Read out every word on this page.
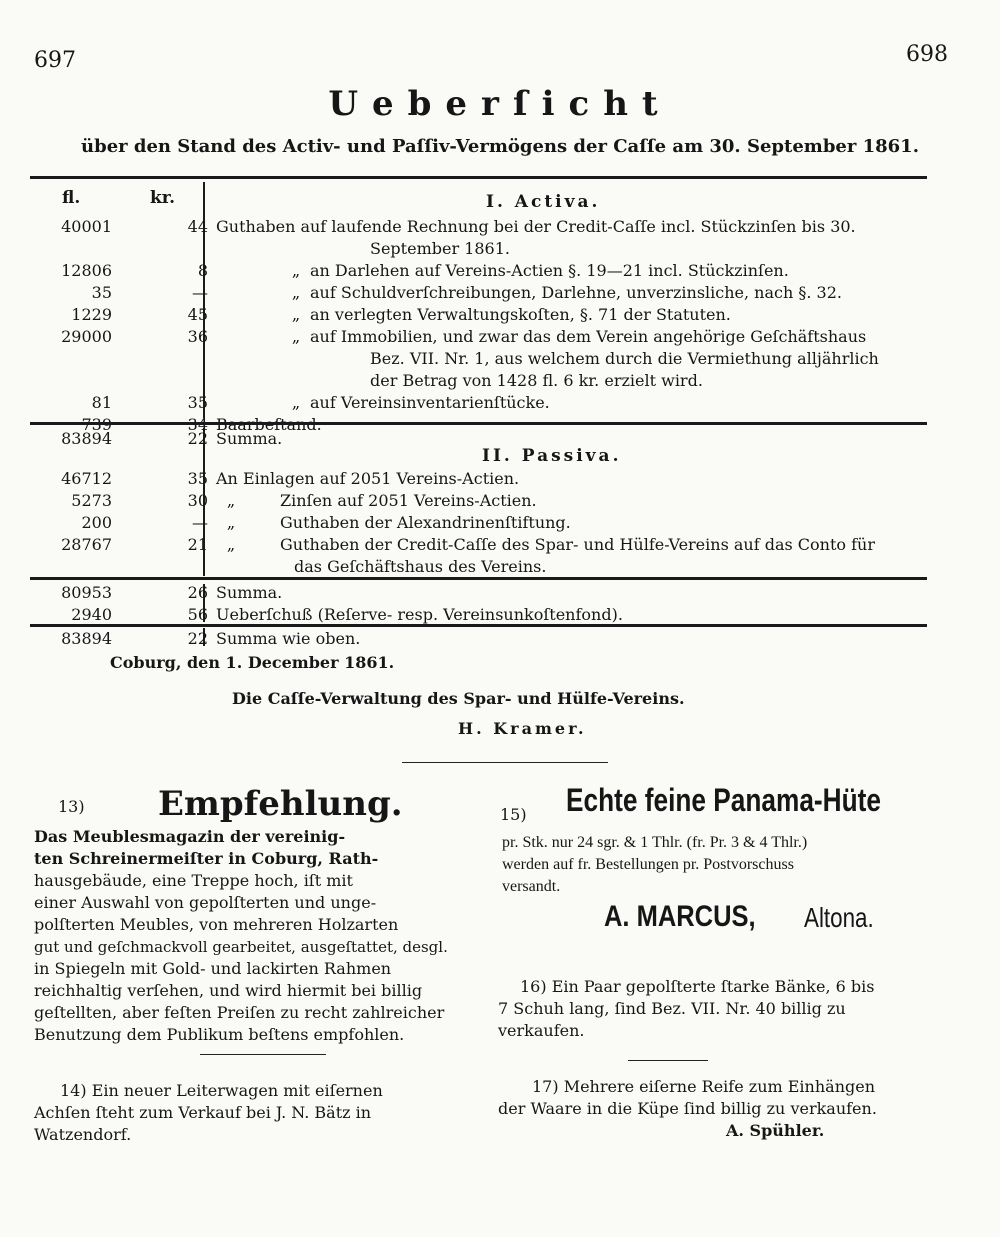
697	698
Ueberſicht
über den Stand des Activ- und Paſſiv-Vermögens der Caſſe am 30. September 1861.
fl.	kr.	I. Activa.
40001	44 Guthaben auf laufende Rechnung bei der Credit-Caſſe incl. Stückzinſen bis 30.
September 1861.
12806	8	„ an Darlehen auf Vereins-Actien §. 19—21 incl. Stückzinſen.
35	—	„ auf Schuldverſchreibungen, Darlehne, unverzinsliche, nach §. 32.
1229	45	„ an verlegten Verwaltungskoſten, §. 71 der Statuten.
29000	36	„ auf Immobilien, und zwar das dem Verein angehörige Geſchäftshaus
Bez. VII. Nr. 1, aus welchem durch die Vermiethung alljährlich
der Betrag von 1428 fl. 6 kr. erzielt wird.
81	35	„ auf Vereinsinventarienſtücke.
739	34 Baarbeſtand.
83894	22 Summa.
II. Passiva.
46712	35 An Einlagen auf 2051 Vereins-Actien.
5273	30	„	Zinſen auf 2051 Vereins-Actien.
200	—	„	Guthaben der Alexandrinenſtiftung.
28767	21	„	Guthaben der Credit-Caſſe des Spar- und Hülfe-Vereins auf das Conto für
das Geſchäftshaus des Vereins.
80953	26 Summa.
2940	56 Ueberſchuß (Reſerve- resp. Vereinsunkoſtenfond).
83894	22 Summa wie oben.
Coburg, den 1. December 1861.
Die Caſſe-Verwaltung des Spar- und Hülfe-Vereins.
H. Kramer.
13) Empfehlung.
Das Meublesmagazin der vereinig-
ten Schreinermeiſter in Coburg, Rath-
hausgebäude, eine Treppe hoch, iſt mit
einer Auswahl von gepolſterten und unge-
polſterten Meubles, von mehreren Holzarten
gut und geſchmackvoll gearbeitet, ausgeſtattet, desgl.
in Spiegeln mit Gold- und lackirten Rahmen
reichhaltig verſehen, und wird hiermit bei billig
geſtellten, aber feſten Preiſen zu recht zahlreicher
Benutzung dem Publikum beſtens empfohlen.
14) Ein neuer Leiterwagen mit eiſernen
Achſen ſteht zum Verkauf bei J. N. Bätz in
Watzendorf.
15) Echte feine Panama-Hüte
pr. Stk. nur 24 sgr. & 1 Thlr. (fr. Pr. 3 & 4 Thlr.)
werden auf fr. Bestellungen pr. Postvorschuss
versandt.
A. MARCUS, Altona.
16) Ein Paar gepolſterte ſtarke Bänke, 6 bis
7 Schuh lang, ſind Bez. VII. Nr. 40 billig zu
verkaufen.
17) Mehrere eiſerne Reife zum Einhängen
der Waare in die Küpe ſind billig zu verkaufen.
A. Spühler.
